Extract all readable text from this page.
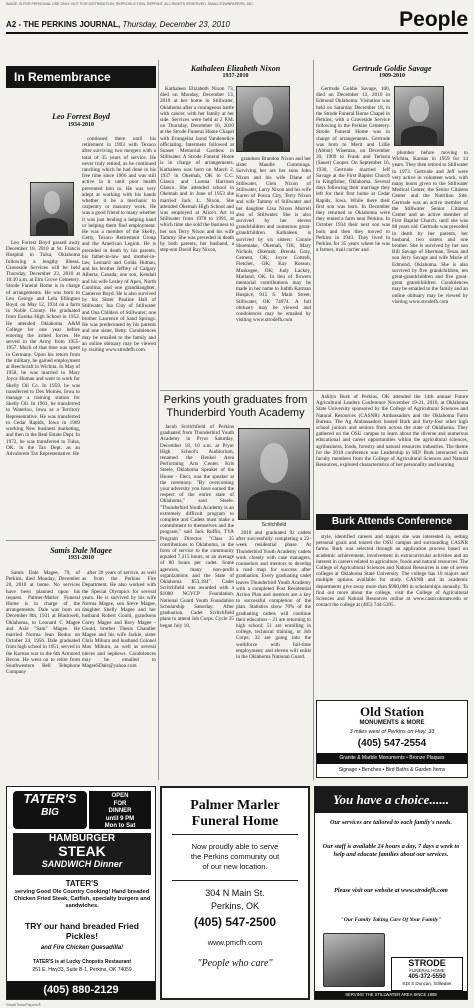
IMAGE IS FOR PERSONAL USE ONLY. NOT FOR DISTRIBUTION, REPRODUCTION, REPRINT. ALL RIGHTS RESERVED. SMALLTOWNPAPERS, INC.
A2 - THE PERKINS JOURNAL, Thursday, December 23, 2010	People
In Remembrance
Leo Forrest Boyd
1934-2010

Leo Forrest Boyd passed away December 18, 2010 at St. Francis Hospital in Tulsa, Oklahoma following a lengthy illness. Graveside Services will be held Thursday, December 23, 2010 at 10:30 a.m. at Elm Grove Cemetery. Strode Funeral Home is in charge of arrangements. He was born to Leo George and Lela Ellington Boyd, on May 12, 1934 on a farm in Noble County. He graduated from Eureka High School in 1952. He attended Oklahoma A&M College for one year before entering the armed forces. He served in the Army from 1955-1957. Much of that time was spent in Germany. Upon his return from the military, he gained employment at Beechcraft in Wichita. In May of 1958, he was married to Mary Joyce Humau and went to work for Skelly Oil Co. In 1959, he was transferred to Des Moines, Iowa to manage a training station for Skelly Oil. In 1961, he transferred to Waterloo, Iowa as a Territory Representative. He was transferred to Cedar Rapids, Iowa in 1969 working New business marketing, and then in the Real Estate Dept. In 1972, he was transferred to Tulsa, OK. in the Tax Dept. as an Advalorem Tax Representative. He

continued there until his retirement in 1993 with Texaco after surviving two mergers with a total of 35 years of service. He never truly retired, as he continued ranching which he had done in his free time since 1966 and was still active in it until poor health prevented him to. He was very adept at working with his hands whether it be a mechanic to carpentry or masonry work. He was a good friend to many whether it was just lending a helping hand or helping them find employment. He was a member of the Skelly, Getty, Texaco Retirement Group and the American Legion. He is preceded in death by his parents, his father-in-law and mother-in-law, Leonard and Golda Humau, and his brother Jeffrey of Calgary Alberta, Canada; one son, Kendall and his wife Lesley of Apex, North Carolina; and one granddaughter, Cameron Boyd. He is also survived by his Sister Pauline Hall of Stillwater, Ina Clay of Stillwater and Ona Childers of Stillwater; one brother Laurence of Sand Springs. He was predeceased by his parents and one sister, Betty. Condolences may be emailed to the family and an online obituary may be viewed by visiting www.strodefh.com.

Samis Dale Magee
1931-2010

Samis Dale Magee, 79, of Perkins, died Monday, December 20, 2010 at home. No services have been planned upon his request. Palmer-Marler Funeral Home is in charge of the arrangements. Dale was born on December 8th, 1931 at Blackwell, Oklahoma, to Leonard C Magee and Axie "Sam" Magee. He married Norma Jean Redus on October 24, 1956. Dale graduated from high school in 1951, served in the Korean war in the 6th Armored Recon. He went on to retire from Southwestern Bell Telephone Company

after 39 years of service, as well as from the Perkins Fire Department. He also worked with the Special Olympics for several years. He is survived by his wife Norma Magee, son Steve Magee, daughter Shelly Magee and her husband Robert Gould, grandsons Corey Magee and Rory Magee - Gould, brother Thesis Chandler Magee and his wife Jackie, sister Chris Mihura and husband Colonel Max Mihura, as well as several nieces and nephews. Condolences may be emailed to MageeSDale@yahoo.com

Kathaleen Elizabeth Nixon
1937-2010

Kathaleen Elizabeth Nixon 73, died on Monday, December 13, 2010 at her home in Stillwater, Oklahoma after a courageous battle with cancer, with her family at her side. Services were held at 2 P.M. on Thursday, December 16, 2010 at the Strode Funeral Home Chapel with Evangelist Jarod Vandenelice officiating. Interment followed at Sunset Memorial Gardens in Stillwater. A Strode Funeral Home is in charge of arrangements. Kathaleen was born on March 2, 1937 in Okemah, OK to C.C. Glasco and Lorena Harrison Glasco. She attended school in Okemah and in June of 1953 she married Jack L. Nixon. She attended Okemah High School and was employed at Alice's Art in Stillwater from 1978 to 1991, at which time she sold the business to her son Terry Nixon and his wife Tammy. She was preceded in death by both parents, her husband, a step-son David Ray Nixon,

grandson Brandon Nixon and her sister Maudie Cummings. Surviving her are her sons John Nixon and his wife Diane of Stillwater, Glen Nixon of Stillwater, Larry Nixon and his wife Karen of Ponca City, Terry Nixon and wife Tammy of Stillwater and her daughter Lisa Nixon Murrell also of Stillwater. She is also survived by her eleven grandchildren and numerous great-grandchildren. Kathaleen is survived by six sisters: Connie Shoemake, Okemah, OK; Mary Nichols, Okemah; Brenda Gray, Cement, OK; Joyce Cottrell, Fletcher, OK; Kay Rosson, Muskogee, OK; Judy Lackey, Marland, OK. In lieu of flowers memorial contributions may be made in her name to Judith Karman Hospice, 915 S. Main Street, Stillwater, OK 74074. A full obituary may be viewed and condolences may be emailed by visiting www.strodefh.com

Gertrude Goldie Savage
1909-2010

Gertrude Goldie Savage, 100, died on December 13, 2010 in Edmond Oklahoma. Visitation was held on Saturday December 18, in the Strode Funeral Home Chapel in Perkins, with a Graveside Service following in the Perkins Cemetery. Strode Funeral Home was in charge of arrangements. Gertrude was born to Merit and Lillie (Abbot) Wiseman, on December 20, 1909 to Frank and Terissia (Sauer) Cooper. On September 16, 1930, Gertrude married Jeff Savage at the First Baptist Church in Kingfisher, Oklahoma. Several days following their marriage they left for their first home at Cedar Rapids, Iowa. While there their first son was born. In December they returned to Oklahoma were they rented a farm near Perkins. In October 1934 their next son was born and then they moved to Perkins in 1943. They lived in Perkins for 35 years where he was a farmer, mail carrier and

plumber before moving to Wichita, Kansas in 1959 for 14 years. They then retired to Stillwater in 1973. Gertrude and Jeff were very active in volunteer work, with many hours given to the Stillwater Medical Center, the Senior Citizens Center and the Nutrition Site. Gertrude was an active member of the Stillwater Senior Citizens Center and an active member of First Baptist Church, until she was 88 years old. Gertrude was preceded in death by her parents, her husband, two sisters and one brother. She is survived by her son Bill Savage of Sherman, Texas and son Jerry Savage and wife Marie of Edmond, Oklahoma. She is also survived by five grandchildren, ten great-grandchildren and five great-great grandchildren. Condolences may be emailed to the family and an online obituary may be viewed by visiting www.strodefh.com

Perkins youth graduates from Thunderbird Youth Academy

Jacob Scritchfield of Perkins graduated from Thunderbird Youth Academy in Pryor Saturday, December 18, 10 a.m. at Pryor High School's Auditorium, renamed the Henkel Area Performing Arts Center. Kris Steele, Oklahoma Speaker of the House - Elect, was the speaker at the ceremony. "By overcoming your adversity you have earned the respect of the entire state of Oklahoma," said Steele. "Thunderbird Youth Academy is an extremely difficult program to complete and Cadets must make a commitment to themselves and the program," said Jack Ruffin, TYA Program Director. "Class 35 contributions to Oklahoma, in the form of service to the community equaled 7,315 hours, or an average of 80 hours per cadet. Some agencies, many non-profit organizations and the State of Oklahoma $53,184". Cadet Scritchfield was awarded with a $1000 NGYCP Foundation, National Guard Youth Foundation Scholarship Saturday. After graduation, Cadet Scritchfield plans to attend Job Corps. Cycle 35 began July 18,

Scritchfield

2010 and graduated 92 cadets after successfully completing a 22-week residential phase. At Thunderbird Youth Academy cadets work closely with case managers, counselors and mentors to develop a road map for success after graduation. Every graduating cadet leaves Thunderbird Youth Academy with a completed Post Residential Action Plan and mentors are a key to successful completion of the plan. Statistics show 70% of the graduating cadets will continue their education – 21 are returning to high school; 51 are enrolling in college, technical training, or Job Corps; 32 are going into the workforce with full-time employment; and eleven will enlist in the Oklahoma National Guard.

Burk Attends Conference

Ashlyn Burk of Perkins, OK attended the 14th annual Future Agricultural Leaders Conference November 19-21, 2010, at Oklahoma State University sponsored by the College of Agricultural Sciences and Natural Resources (CASNR) Ambassadors and the Oklahoma Farm Bureau. The Ag Ambassadors hosted Burk and forty-four other high school juniors and seniors from across the state of Oklahoma. They gathered on the OSU campus to learn about the diverse and numerous educational and career opportunities within the agricultural sciences, agribusiness, foods, forestry and natural resources industries. The theme for the 2010 conference was Leadership in HD! Burk interacted with faculty members from the College of Agricultural Sciences and Natural Resources, explored characteristics of her personality and learning

style, identified careers and majors she was interested in, setting personal goals and toured the OSU campus and surrounding CASNR farms. Burk was selected through an application process based on academic achievement, involvement in extracurricular activities and an interest in careers related to agriculture, foods and natural resources. The College of Agricultural Sciences and Natural Resources is one of seven colleges at Oklahoma State University. The college has 16 majors and multiple options available for study. CASNR and its academic departments give away more than $900,000 in scholarships annually. To find out more about the college, visit the College of Agricultural Sciences and Natural Resources online at www.casnr.okstate.edu or contact the college at (405) 744-5395.

Old Station
MONUMENTS & MORE
3 miles west of Perkins on Hwy. 33
(405) 547-2554
Granite & Marble Monuments • Bronze Plaques
Signage • Benches • Bird Baths & Garden Items
TATER'S
BIG
OPEN
FOR
DINNER
until 9 PM
Mon to Sat
HAMBURGER
STEAK
SANDWICH Dinner
TATER'S
serving Good Ole Country Cooking! Hand breaded Chicken Fried Steak, Catfish, specialty burgers and sandwiches.
TRY our hand breaded Fried Pickles!
and Fire Chicken Quesadilla!
TATER'S is at Lucky Chopstix Restaurant
251 E. Hwy33, Suite B-1, Perkins, OK 74059
(405) 880-2129
Palmer Marler
Funeral Home
Now proudly able to serve
the Perkins community out
of our new location.
304 N Main St.
Perkins, OK
(405) 547-2500
www.pmcfh.com
"People who care"
You have a choice......
Our services are tailored to each family's needs.
Our staff is available 24 hours a day, 7 days a week to help and educate families about our services.
Please visit our website at www.strodefh.com
"Our Family Taking Care Of Your Family"
STRODE
FUNERAL HOME
405-372-5550
818 S Duncan, Stillwater
SERVING THE STILLWATER AREA SINCE 1889
SmallTownPapers®
